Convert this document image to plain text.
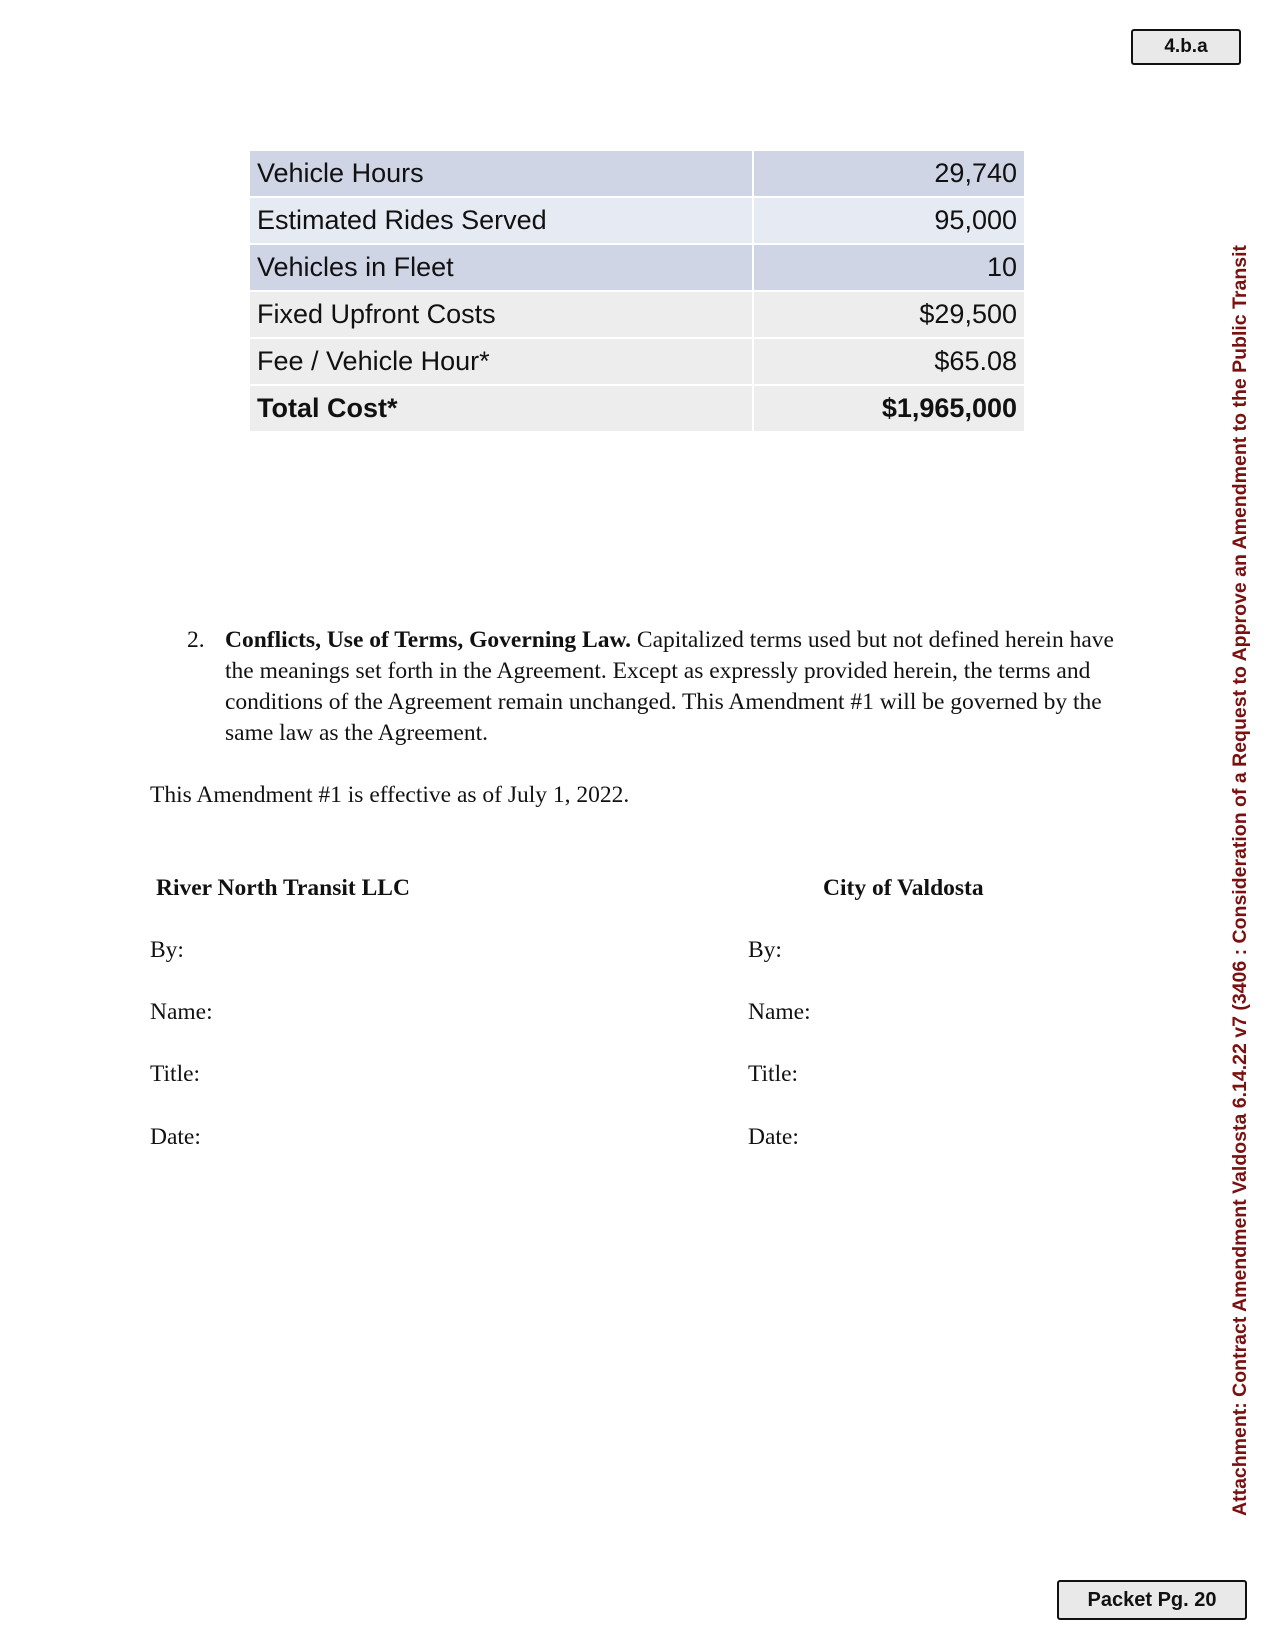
4.b.a
Vehicle Hours	29,740
Estimated Rides Served	95,000
Vehicles in Fleet	10
Fixed Upfront Costs	$29,500
Fee / Vehicle Hour*	$65.08
Total Cost*	$1,965,000
2. Conflicts, Use of Terms, Governing Law. Capitalized terms used but not defined herein have the meanings set forth in the Agreement. Except as expressly provided herein, the terms and conditions of the Agreement remain unchanged. This Amendment #1 will be governed by the same law as the Agreement.
This Amendment #1 is effective as of July 1, 2022.
River North Transit LLC	City of Valdosta
By:
Name:
Title:
Date:
By:
Name:
Title:
Date:	Attachment: Contract Amendment Valdosta 6.14.22 v7 (3406 : Consideration of a Request to Approve an Amendment to the Public Transit
Packet Pg. 20
